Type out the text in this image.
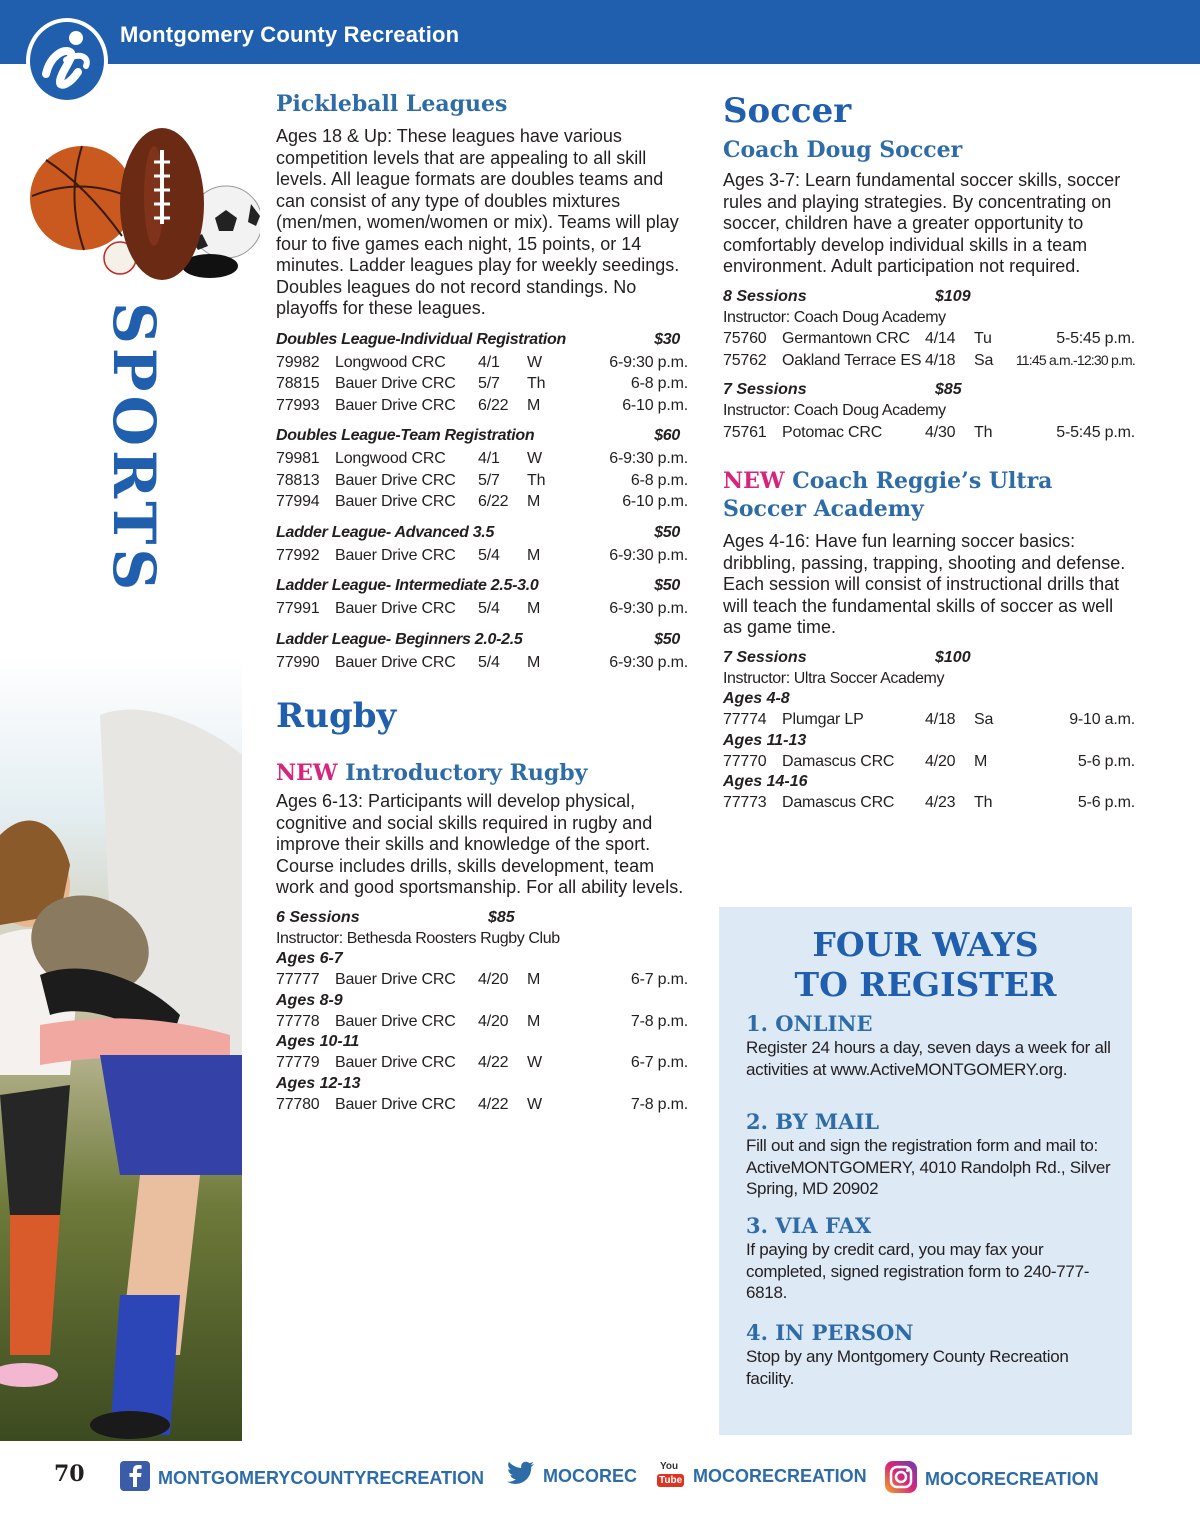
Montgomery County Recreation
SPORTS
Pickleball Leagues
Ages 18 & Up: These leagues have various competition levels that are appealing to all skill levels. All league formats are doubles teams and can consist of any type of doubles mixtures (men/men, women/women or mix). Teams will play four to five games each night, 15 points, or 14 minutes. Ladder leagues play for weekly seedings. Doubles leagues do not record standings. No playoffs for these leagues.
Doubles League-Individual Registration	$30
79982 Longwood CRC	4/1	W	6-9:30 p.m.
78815 Bauer Drive CRC	5/7	Th	6-8 p.m.
77993 Bauer Drive CRC	6/22	M	6-10 p.m.
Doubles League-Team Registration	$60
79981 Longwood CRC	4/1	W	6-9:30 p.m.
78813 Bauer Drive CRC	5/7	Th	6-8 p.m.
77994 Bauer Drive CRC	6/22	M	6-10 p.m.
Ladder League- Advanced 3.5	$50
77992 Bauer Drive CRC	5/4	M	6-9:30 p.m.
Ladder League- Intermediate 2.5-3.0	$50
77991 Bauer Drive CRC	5/4	M	6-9:30 p.m.
Ladder League- Beginners 2.0-2.5	$50
77990 Bauer Drive CRC	5/4	M	6-9:30 p.m.
Rugby
NEW Introductory Rugby
Ages 6-13: Participants will develop physical, cognitive and social skills required in rugby and improve their skills and knowledge of the sport. Course includes drills, skills development, team work and good sportsmanship. For all ability levels.
6 Sessions	$85
Instructor: Bethesda Roosters Rugby Club
Ages 6-7
77777 Bauer Drive CRC	4/20	M	6-7 p.m.
Ages 8-9
77778 Bauer Drive CRC	4/20	M	7-8 p.m.
Ages 10-11
77779 Bauer Drive CRC	4/22	W	6-7 p.m.
Ages 12-13
77780 Bauer Drive CRC	4/22	W	7-8 p.m.
Soccer
Coach Doug Soccer
Ages 3-7: Learn fundamental soccer skills, soccer rules and playing strategies. By concentrating on soccer, children have a greater opportunity to comfortably develop individual skills in a team environment. Adult participation not required.
8 Sessions	$109
Instructor: Coach Doug Academy
75760 Germantown CRC 4/14	Tu	5-5:45 p.m.
75762 Oakland Terrace ES 4/18	Sa	11:45 a.m.-12:30 p.m.
7 Sessions	$85
Instructor: Coach Doug Academy
75761 Potomac CRC	4/30	Th	5-5:45 p.m.
NEW Coach Reggie’s Ultra
Soccer Academy
Ages 4-16: Have fun learning soccer basics: dribbling, passing, trapping, shooting and defense. Each session will consist of instructional drills that will teach the fundamental skills of soccer as well as game time.
7 Sessions	$100
Instructor: Ultra Soccer Academy
Ages 4-8
77774 Plumgar LP	4/18	Sa	9-10 a.m.
Ages 11-13
77770 Damascus CRC	4/20	M	5-6 p.m.
Ages 14-16
77773 Damascus CRC	4/23	Th	5-6 p.m.
FOUR WAYS
TO REGISTER
1. ONLINE
Register 24 hours a day, seven days a week for all activities at www.ActiveMONTGOMERY.org.
2. BY MAIL
Fill out and sign the registration form and mail to: ActiveMONTGOMERY, 4010 Randolph Rd., Silver Spring, MD 20902
3. VIA FAX
If paying by credit card, you may fax your completed, signed registration form to 240-777-6818.
4. IN PERSON
Stop by any Montgomery County Recreation facility.
70	MONTGOMERYCOUNTYRECREATION	MOCOREC You
Tube MOCORECREATION	MOCORECREATION
